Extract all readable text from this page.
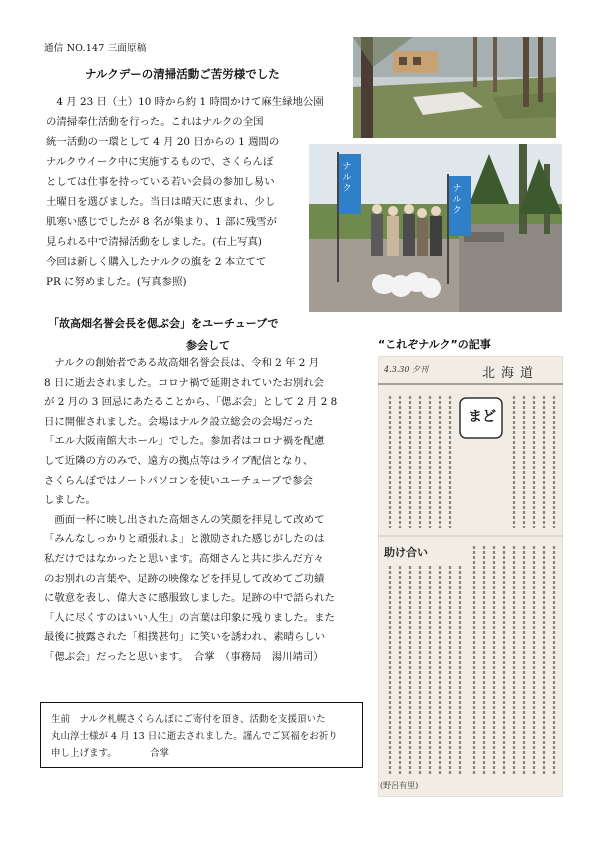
通信 NO.147 三面原稿
ナルク	ナルク
ナルクデーの清掃活動ご苦労様でした

　4 月 23 日（土）10 時から約 1 時間かけて麻生緑地公園

の清掃奉仕活動を行った。これはナルクの全国

統一活動の一環として 4 月 20 日からの 1 週間の

ナルクウイーク中に実施するもので、さくらんぼ

としては仕事を持っている若い会員の参加し易い

土曜日を選びました。当日は晴天に恵まれ、少し

肌寒い感じでしたが 8 名が集まり、1 部に残雪が

見られる中で清掃活動をしました。(右上写真)

今回は新しく購入したナルクの旗を 2 本立てて

PR に努めました。(写真参照)

「故高畑名誉会長を偲ぶ会」をユーチューブで
参会して	“これぞナルク”の記事

　ナルクの創始者である故高畑名誉会長は、令和 2 年 2 月

8 日に逝去されました。コロナ禍で延期されていたお別れ会

が 2 月の 3 回忌にあたることから、「偲ぶ会」として 2 月 2 8

日に開催されました。会場はナルク設立総会の会場だった

「エル大阪南館大ホール」でした。参加者はコロナ禍を配慮

して近隣の方のみで、遠方の拠点等はライブ配信となり、

さくらんぼではノートパソコンを使いユーチューブで参会

しました。

　画面一杯に映し出された高畑さんの笑顔を拝見して改めて

「みんなしっかりと頑張れよ」と激励された感じがしたのは

私だけではなかったと思います。高畑さんと共に歩んだ方々

のお別れの言葉や、足跡の映像などを拝見して改めてご功績

に敬意を表し、偉大さに感服致しました。足跡の中で語られた

「人に尽くすのはいい人生」の言葉は印象に残りました。また

最後に披露された「相撲甚句」に笑いを誘われ、素晴らしい

「偲ぶ会」だったと思います。　合掌　（事務局　湯川靖司）

4.3.30 夕刊	北海道
まど
助け合い
(野呂有里)

生前　ナルク札幌さくらんぼにご寄付を頂き、活動を支援頂いた

丸山淳士様が 4 月 13 日に逝去されました。謹んでご冥福をお祈り

申し上げます。　　　　合掌
